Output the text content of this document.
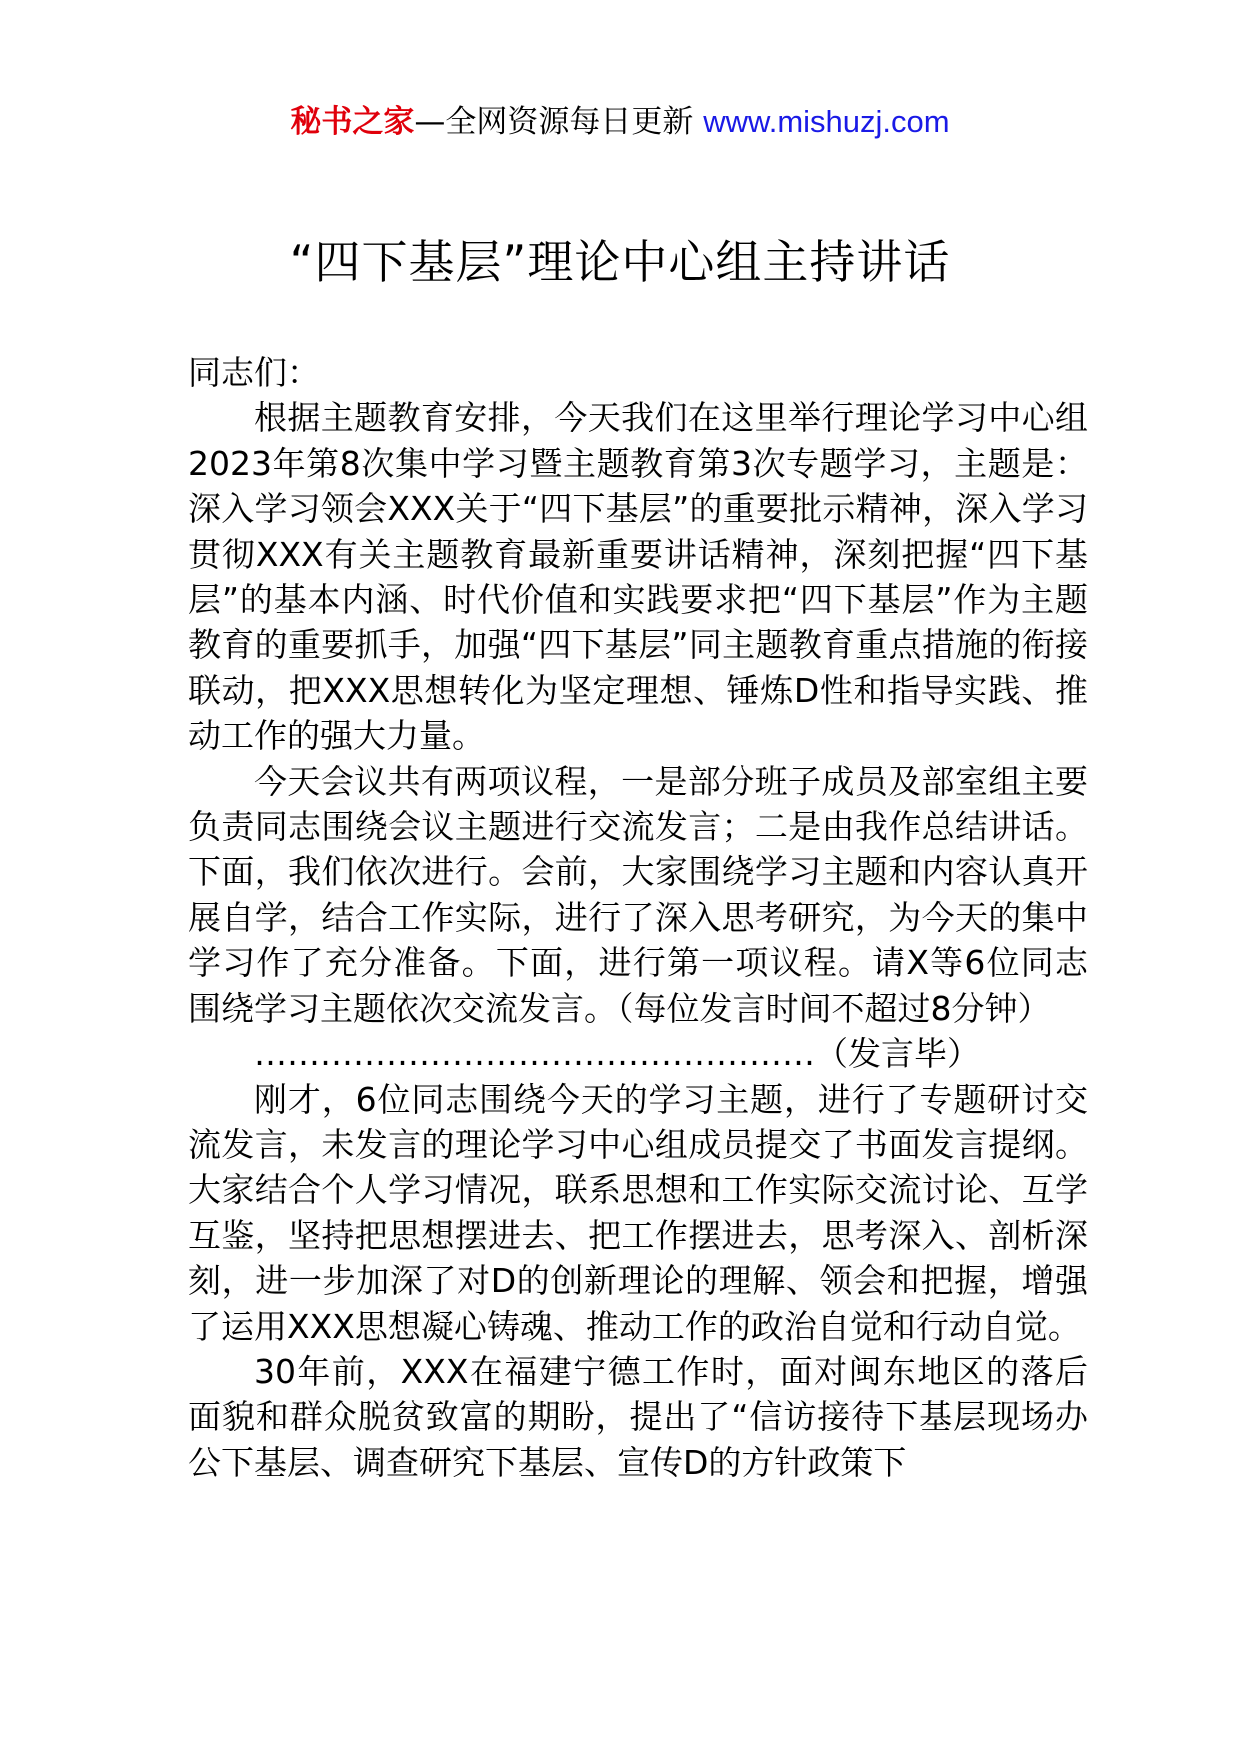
秘书之家—全网资源每日更新 www.mishuzj.com
“四下基层”理论中心组主持讲话

同志们：

根据主题教育安排，今天我们在这里举行理论学习中心组2023年第8次集中学习暨主题教育第3次专题学习，主题是：深入学习领会XXX关于“四下基层”的重要批示精神，深入学习贯彻XXX有关主题教育最新重要讲话精神，深刻把握“四下基层”的基本内涵、时代价值和实践要求把“四下基层”作为主题教育的重要抓手，加强“四下基层”同主题教育重点措施的衔接联动，把XXX思想转化为坚定理想、锤炼D性和指导实践、推动工作的强大力量。

今天会议共有两项议程，一是部分班子成员及部室组主要负责同志围绕会议主题进行交流发言；二是由我作总结讲话。下面，我们依次进行。会前，大家围绕学习主题和内容认真开展自学，结合工作实际，进行了深入思考研究，为今天的集中学习作了充分准备。下面，进行第一项议程。请X等6位同志围绕学习主题依次交流发言。（每位发言时间不超过8分钟）

……………………………………………（发言毕）

刚才，6位同志围绕今天的学习主题，进行了专题研讨交流发言，未发言的理论学习中心组成员提交了书面发言提纲。大家结合个人学习情况，联系思想和工作实际交流讨论、互学互鉴，坚持把思想摆进去、把工作摆进去，思考深入、剖析深刻，进一步加深了对D的创新理论的理解、领会和把握，增强了运用XXX思想凝心铸魂、推动工作的政治自觉和行动自觉。

30年前，XXX在福建宁德工作时，面对闽东地区的落后面貌和群众脱贫致富的期盼，提出了“信访接待下基层现场办公下基层、调查研究下基层、宣传D的方针政策下
